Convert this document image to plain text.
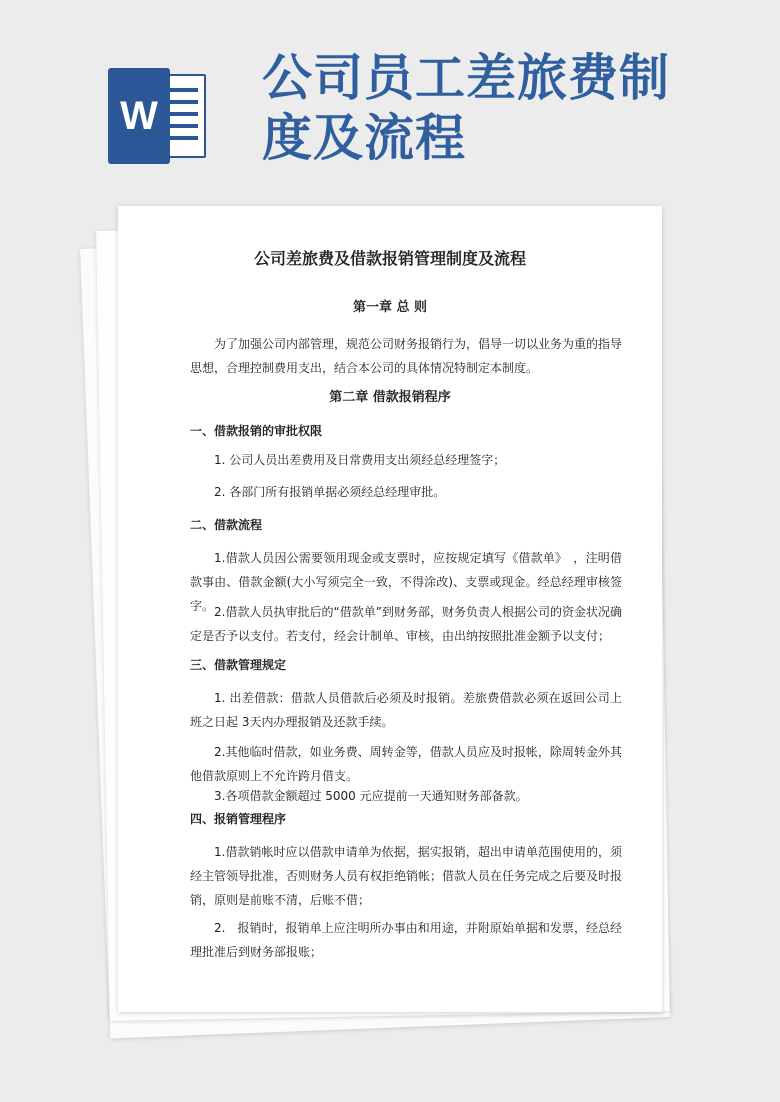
W
公司员工差旅费制度及流程
公司差旅费及借款报销管理制度及流程
第一章 总 则

为了加强公司内部管理，规范公司财务报销行为，倡导一切以业务为重的指导思想，合理控制费用支出，结合本公司的具体情况特制定本制度。

第二章 借款报销程序
一、借款报销的审批权限

1. 公司人员出差费用及日常费用支出须经总经理签字；

2. 各部门所有报销单据必须经总经理审批。

二、借款流程

1.借款人员因公需要领用现金或支票时，应按规定填写《借款单》　，注明借款事由、借款金额(大小写须完全一致，不得涂改)、支票或现金。经总经理审核签字。 2.借款人员执审批后的“借款单”到财务部，财务负责人根据公司的资金状况确定是否予以支付。若支付，经会计制单、审核，由出纳按照批准金额予以支付；

三、借款管理规定

1. 出差借款：借款人员借款后必须及时报销。差旅费借款必须在返回公司上班之日起 3天内办理报销及还款手续。

2.其他临时借款，如业务费、周转金等，借款人员应及时报帐，除周转金外其他借款原则上不允许跨月借支。

3.各项借款金额超过 5000 元应提前一天通知财务部备款。

四、报销管理程序

1.借款销帐时应以借款申请单为依据，据实报销，超出申请单范围使用的，须经主管领导批准，否则财务人员有权拒绝销帐；借款人员在任务完成之后要及时报销，原则是前账不清，后账不借；

2.　报销时，报销单上应注明所办事由和用途，并附原始单据和发票，经总经理批准后到财务部报账；
